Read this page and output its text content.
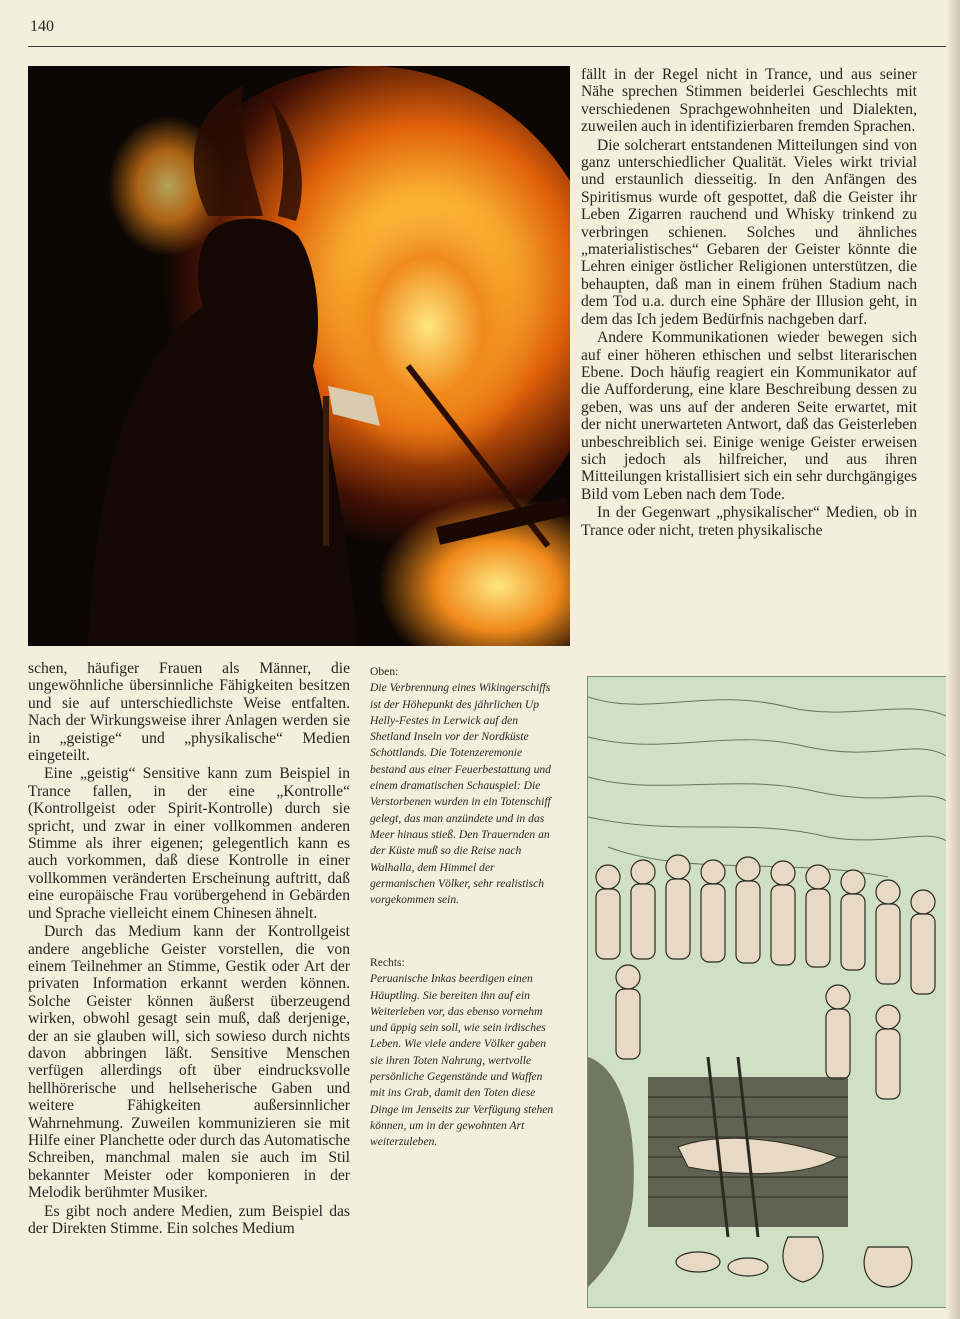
140

fällt in der Regel nicht in Trance, und aus seiner Nähe sprechen Stimmen beiderlei Geschlechts mit verschiedenen Sprachgewohnheiten und Dialekten, zuweilen auch in identifizierbaren fremden Sprachen.

Die solcherart entstandenen Mitteilungen sind von ganz unterschiedlicher Qualität. Vieles wirkt trivial und erstaunlich diesseitig. In den Anfängen des Spiritismus wurde oft gespottet, daß die Geister ihr Leben Zigarren rauchend und Whisky trinkend zu verbringen schienen. Solches und ähnliches „materialistisches“ Gebaren der Geister könnte die Lehren einiger östlicher Religionen unterstützen, die behaupten, daß man in einem frühen Stadium nach dem Tod u.a. durch eine Sphäre der Illusion geht, in dem das Ich jedem Bedürfnis nachgeben darf.

Andere Kommunikationen wieder bewegen sich auf einer höheren ethischen und selbst literarischen Ebene. Doch häufig reagiert ein Kommunikator auf die Aufforderung, eine klare Beschreibung dessen zu geben, was uns auf der anderen Seite erwartet, mit der nicht unerwarteten Antwort, daß das Geisterleben unbeschreiblich sei. Einige wenige Geister erweisen sich jedoch als hilfreicher, und aus ihren Mitteilungen kristallisiert sich ein sehr durchgängiges Bild vom Leben nach dem Tode.

In der Gegenwart „physikalischer“ Medien, ob in Trance oder nicht, treten physikalische

schen, häufiger Frauen als Männer, die ungewöhnliche übersinnliche Fähigkeiten besitzen und sie auf unterschiedlichste Weise entfalten. Nach der Wirkungsweise ihrer Anlagen werden sie in „geistige“ und „physikalische“ Medien eingeteilt.

Eine „geistig“ Sensitive kann zum Beispiel in Trance fallen, in der eine „Kontrolle“ (Kontrollgeist oder Spirit-Kontrolle) durch sie spricht, und zwar in einer vollkommen anderen Stimme als ihrer eigenen; gelegentlich kann es auch vorkommen, daß diese Kontrolle in einer vollkommen veränderten Erscheinung auftritt, daß eine europäische Frau vorübergehend in Gebärden und Sprache vielleicht einem Chinesen ähnelt.

Durch das Medium kann der Kontrollgeist andere angebliche Geister vorstellen, die von einem Teilnehmer an Stimme, Gestik oder Art der privaten Information erkannt werden können. Solche Geister können äußerst überzeugend wirken, obwohl gesagt sein muß, daß derjenige, der an sie glauben will, sich sowieso durch nichts davon abbringen läßt. Sensitive Menschen verfügen allerdings oft über eindrucksvolle hellhörerische und hellseherische Gaben und weitere Fähigkeiten außersinnlicher Wahrnehmung. Zuweilen kommunizieren sie mit Hilfe einer Planchette oder durch das Automatische Schreiben, manchmal malen sie auch im Stil bekannter Meister oder komponieren in der Melodik berühmter Musiker.

Es gibt noch andere Medien, zum Beispiel das der Direkten Stimme. Ein solches Medium

Oben:
Die Verbrennung eines Wikingerschiffs ist der Höhepunkt des jährlichen Up Helly-Festes in Lerwick auf den Shetland Inseln vor der Nordküste Schottlands. Die Totenzeremonie bestand aus einer Feuerbestattung und einem dramatischen Schauspiel: Die Verstorbenen wurden in ein Totenschiff gelegt, das man anzündete und in das Meer hinaus stieß. Den Trauernden an der Küste muß so die Reise nach Walhalla, dem Himmel der germanischen Völker, sehr realistisch vorgekommen sein.
Rechts:
Peruanische Inkas beerdigen einen Häuptling. Sie bereiten ihn auf ein Weiterleben vor, das ebenso vornehm und üppig sein soll, wie sein irdisches Leben. Wie viele andere Völker gaben sie ihren Toten Nahrung, wertvolle persönliche Gegenstände und Waffen mit ins Grab, damit den Toten diese Dinge im Jenseits zur Verfügung stehen können, um in der gewohnten Art weiterzuleben.
